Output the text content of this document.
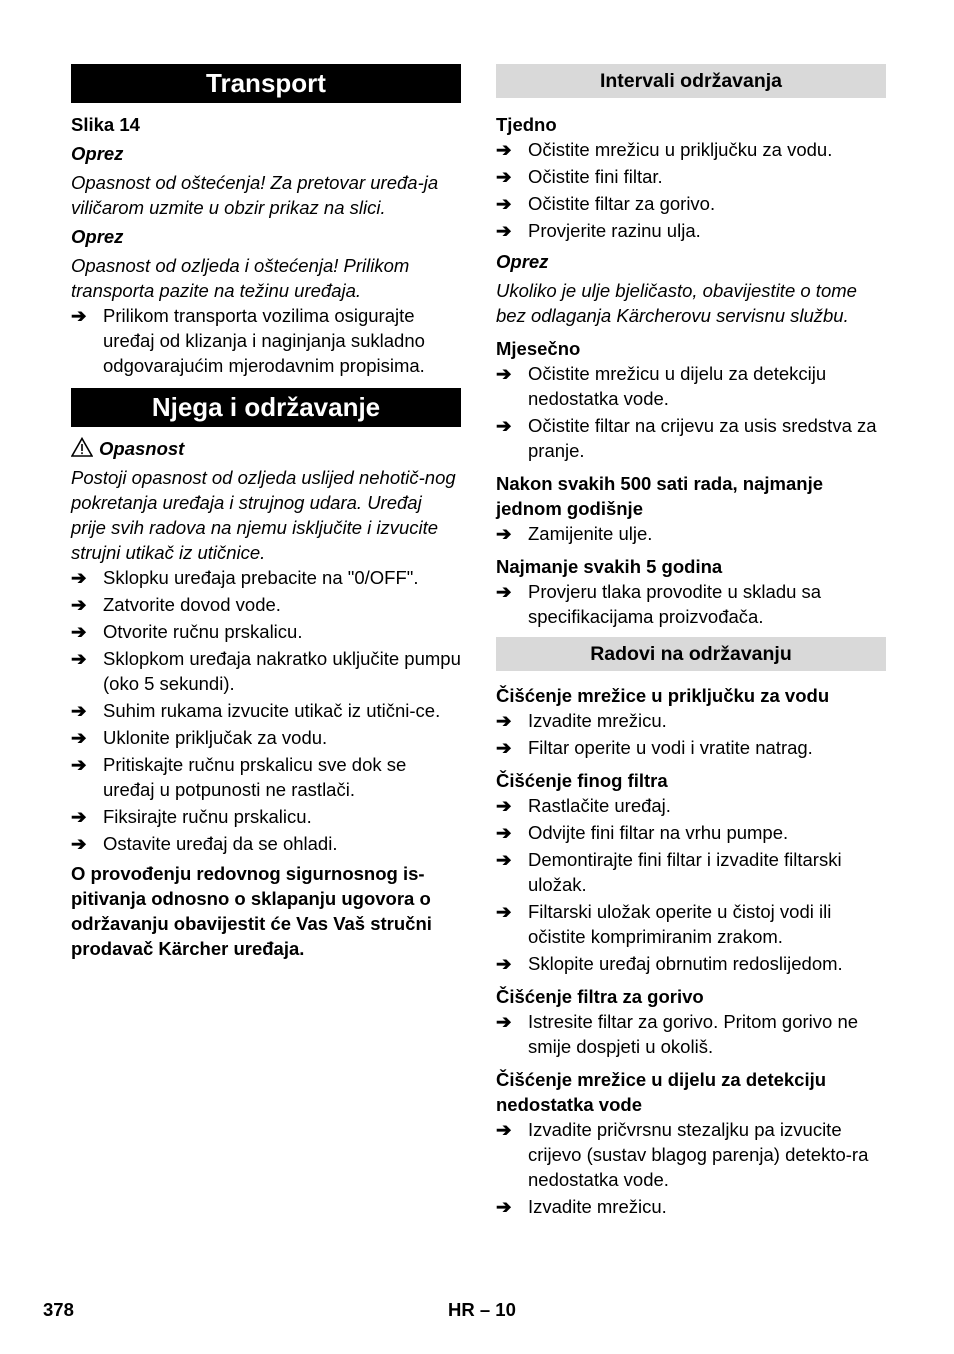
Transport

Slika 14

Oprez

Opasnost od oštećenja! Za pretovar uređa-ja viličarom uzmite u obzir prikaz na slici.

Oprez

Opasnost od ozljeda i oštećenja! Prilikom transporta pazite na težinu uređaja.

➔ Prilikom transporta vozilima osigurajte uređaj od klizanja i naginjanja sukladno odgovarajućim mjerodavnim propisima.
Njega i održavanje

Opasnost

Postoji opasnost od ozljeda uslijed nehotič-nog pokretanja uređaja i strujnog udara. Uređaj prije svih radova na njemu isključite i izvucite strujni utikač iz utičnice.

➔ Sklopku uređaja prebacite na "0/OFF".
➔ Zatvorite dovod vode.
➔ Otvorite ručnu prskalicu.
➔ Sklopkom uređaja nakratko uključite pumpu (oko 5 sekundi).
➔ Suhim rukama izvucite utikač iz utični-ce.
➔ Uklonite priključak za vodu.
➔ Pritiskajte ručnu prskalicu sve dok se uređaj u potpunosti ne rastlači.
➔ Fiksirajte ručnu prskalicu.
➔ Ostavite uređaj da se ohladi.

O provođenju redovnog sigurnosnog is-pitivanja odnosno o sklapanju ugovora o održavanju obavijestit će Vas Vaš stručni prodavač Kärcher uređaja.

Intervali održavanja

Tjedno

➔ Očistite mrežicu u priključku za vodu.
➔ Očistite fini filtar.
➔ Očistite filtar za gorivo.
➔ Provjerite razinu ulja.

Oprez

Ukoliko je ulje bjeličasto, obavijestite o tome bez odlaganja Kärcherovu servisnu službu.

Mjesečno

➔ Očistite mrežicu u dijelu za detekciju nedostatka vode.
➔ Očistite filtar na crijevu za usis sredstva za pranje.

Nakon svakih 500 sati rada, najmanje jednom godišnje

➔ Zamijenite ulje.

Najmanje svakih 5 godina

➔ Provjeru tlaka provodite u skladu sa specifikacijama proizvođača.
Radovi na održavanju

Čišćenje mrežice u priključku za vodu

➔ Izvadite mrežicu.
➔ Filtar operite u vodi i vratite natrag.

Čišćenje finog filtra

➔ Rastlačite uređaj.
➔ Odvijte fini filtar na vrhu pumpe.
➔ Demontirajte fini filtar i izvadite filtarski uložak.
➔ Filtarski uložak operite u čistoj vodi ili očistite komprimiranim zrakom.
➔ Sklopite uređaj obrnutim redoslijedom.

Čišćenje filtra za gorivo

➔ Istresite filtar za gorivo. Pritom gorivo ne smije dospjeti u okoliš.

Čišćenje mrežice u dijelu za detekciju nedostatka vode

➔ Izvadite pričvrsnu stezaljku pa izvucite crijevo (sustav blagog parenja) detekto-ra nedostatka vode.
➔ Izvadite mrežicu.
378	HR – 10
